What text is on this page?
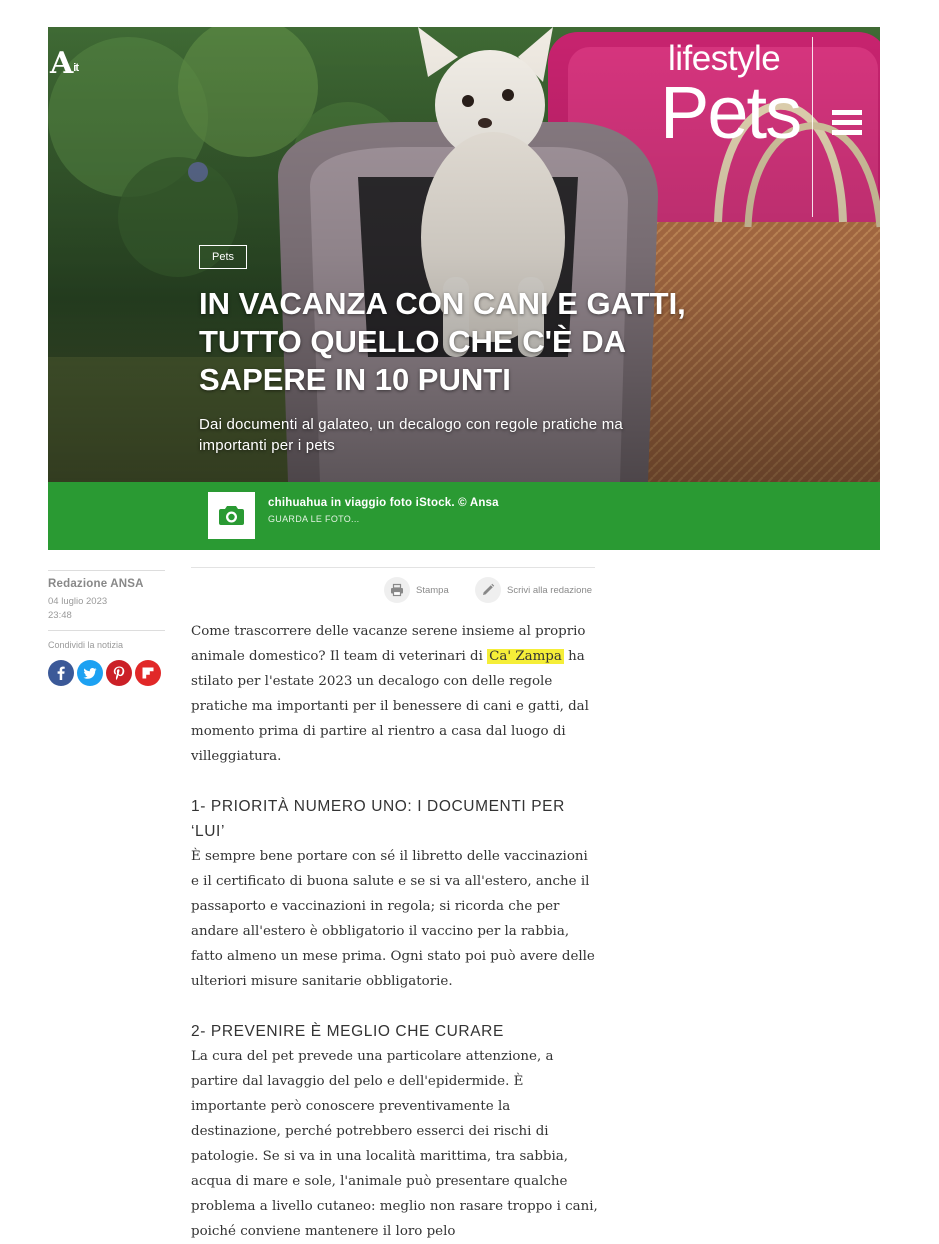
$A^{it}$	lifestyle
Pets
Pets
IN VACANZA CON CANI E GATTI,
TUTTO QUELLO CHE C'È DA
SAPERE IN 10 PUNTI
Dai documenti al galateo, un decalogo con regole pratiche ma
importanti per i pets
chihuahua in viaggio foto iStock. © Ansa
GUARDA LE FOTO...
Redazione ANSA
04 luglio 2023
23:48
Condividi la notizia
Stampa	Scrivi alla redazione

Come trascorrere delle vacanze serene insieme al proprio animale domestico? Il team di veterinari di Ca' Zampa ha stilato per l'estate 2023 un decalogo con delle regole pratiche ma importanti per il benessere di cani e gatti, dal momento prima di partire al rientro a casa dal luogo di villeggiatura.

1- PRIORITÀ NUMERO UNO: I DOCUMENTI PER ‘LUI’

È sempre bene portare con sé il libretto delle vaccinazioni e il certificato di buona salute e se si va all'estero, anche il passaporto e vaccinazioni in regola; si ricorda che per andare all'estero è obbligatorio il vaccino per la rabbia, fatto almeno un mese prima. Ogni stato poi può avere delle ulteriori misure sanitarie obbligatorie.

2- PREVENIRE È MEGLIO CHE CURARE

La cura del pet prevede una particolare attenzione, a partire dal lavaggio del pelo e dell'epidermide. È importante però conoscere preventivamente la destinazione, perché potrebbero esserci dei rischi di patologie. Se si va in una località marittima, tra sabbia, acqua di mare e sole, l'animale può presentare qualche problema a livello cutaneo: meglio non rasare troppo i cani, poiché conviene mantenere il loro pelo
